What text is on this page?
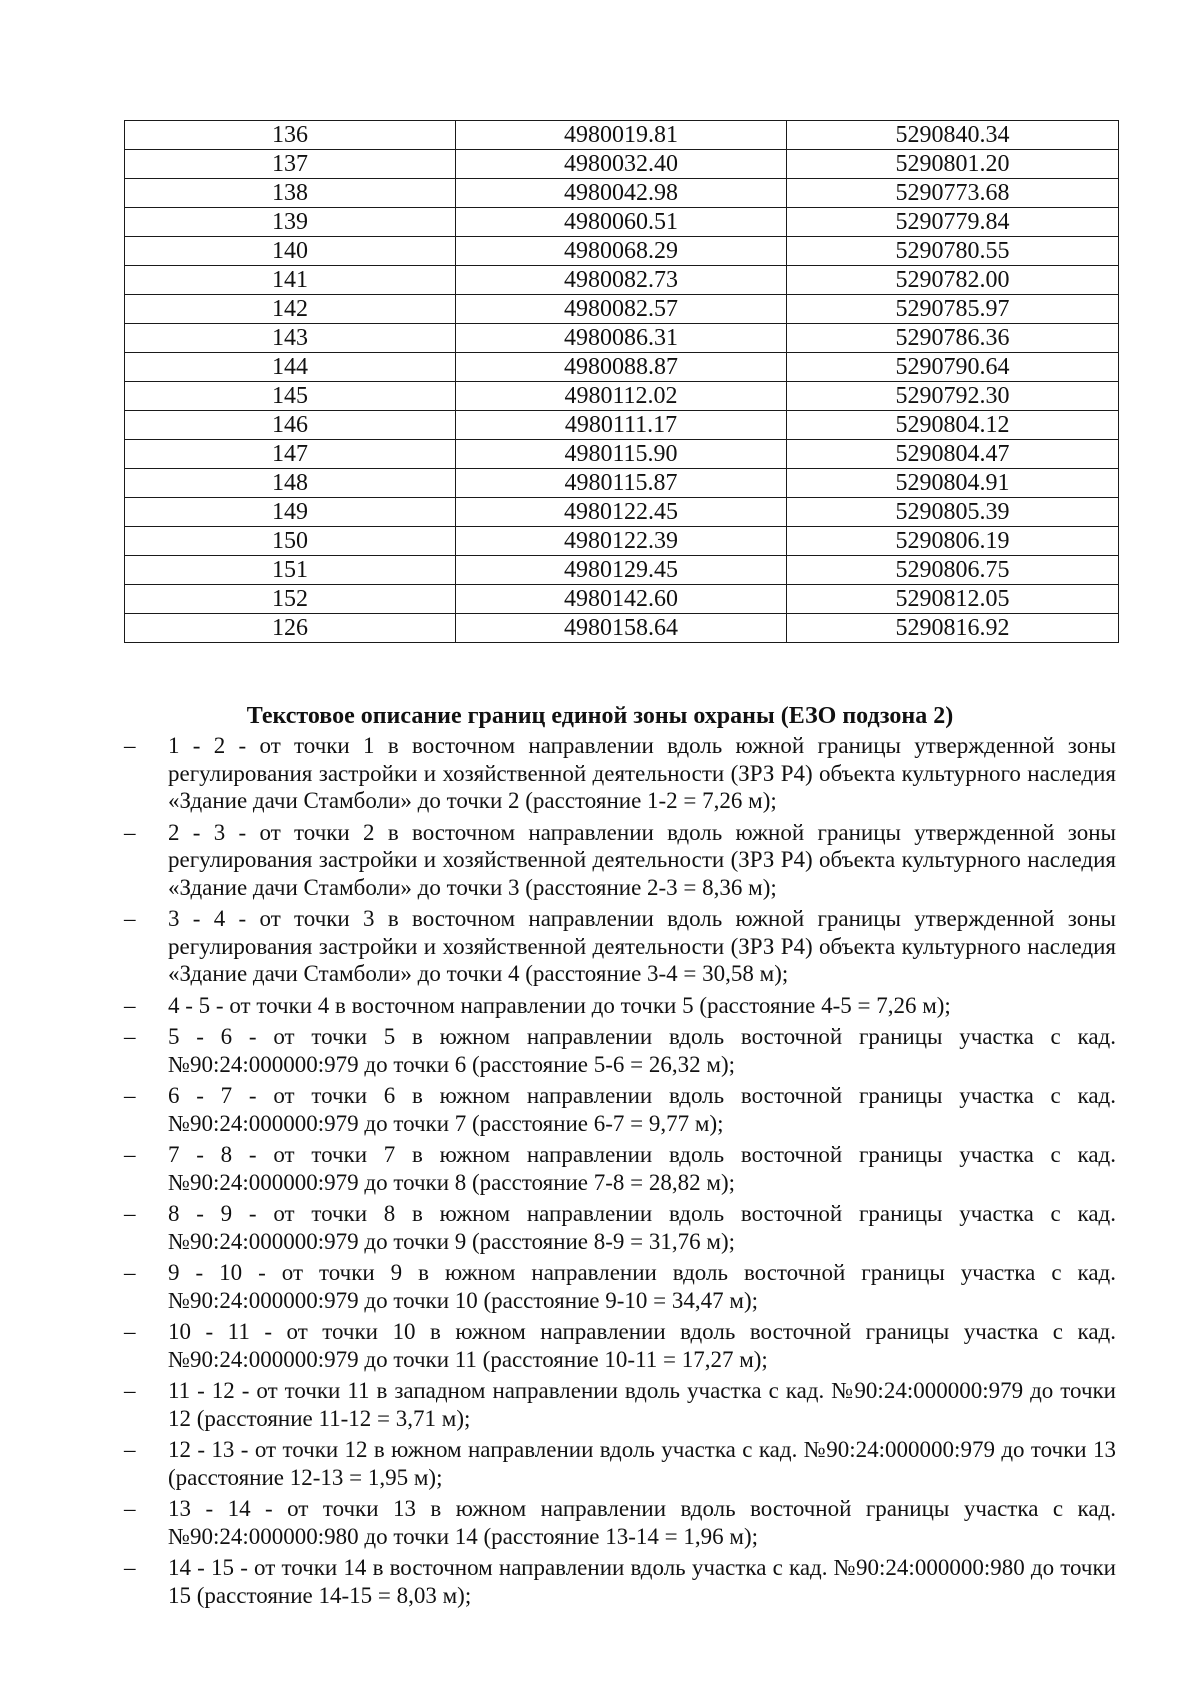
136	4980019.81	5290840.34
137	4980032.40	5290801.20
138	4980042.98	5290773.68
139	4980060.51	5290779.84
140	4980068.29	5290780.55
141	4980082.73	5290782.00
142	4980082.57	5290785.97
143	4980086.31	5290786.36
144	4980088.87	5290790.64
145	4980112.02	5290792.30
146	4980111.17	5290804.12
147	4980115.90	5290804.47
148	4980115.87	5290804.91
149	4980122.45	5290805.39
150	4980122.39	5290806.19
151	4980129.45	5290806.75
152	4980142.60	5290812.05
126	4980158.64	5290816.92
Текстовое описание границ единой зоны охраны (ЕЗО подзона 2)
–	1 - 2 - от точки 1 в восточном направлении вдоль южной границы утвержденной зоны регулирования застройки и хозяйственной деятельности (ЗРЗ Р4) объекта культурного наследия «Здание дачи Стамболи» до точки 2 (расстояние 1-2 = 7,26 м);
–	2 - 3 - от точки 2 в восточном направлении вдоль южной границы утвержденной зоны регулирования застройки и хозяйственной деятельности (ЗРЗ Р4) объекта культурного наследия «Здание дачи Стамболи» до точки 3 (расстояние 2-3 = 8,36 м);
–	3 - 4 - от точки 3 в восточном направлении вдоль южной границы утвержденной зоны регулирования застройки и хозяйственной деятельности (ЗРЗ Р4) объекта культурного наследия «Здание дачи Стамболи» до точки 4 (расстояние 3-4 = 30,58 м);
–	4 - 5 - от точки 4 в восточном направлении до точки 5 (расстояние 4-5 = 7,26 м);
–	5 - 6 - от точки 5 в южном направлении вдоль восточной границы участка с кад. №90:24:000000:979 до точки 6 (расстояние 5-6 = 26,32 м);
–	6 - 7 - от точки 6 в южном направлении вдоль восточной границы участка с кад. №90:24:000000:979 до точки 7 (расстояние 6-7 = 9,77 м);
–	7 - 8 - от точки 7 в южном направлении вдоль восточной границы участка с кад. №90:24:000000:979 до точки 8 (расстояние 7-8 = 28,82 м);
–	8 - 9 - от точки 8 в южном направлении вдоль восточной границы участка с кад. №90:24:000000:979 до точки 9 (расстояние 8-9 = 31,76 м);
–	9 - 10 - от точки 9 в южном направлении вдоль восточной границы участка с кад. №90:24:000000:979 до точки 10 (расстояние 9-10 = 34,47 м);
–	10 - 11 - от точки 10 в южном направлении вдоль восточной границы участка с кад. №90:24:000000:979 до точки 11 (расстояние 10-11 = 17,27 м);
–	11 - 12 - от точки 11 в западном направлении вдоль участка с кад. №90:24:000000:979 до точки 12 (расстояние 11-12 = 3,71 м);
–	12 - 13 - от точки 12 в южном направлении вдоль участка с кад. №90:24:000000:979 до точки 13 (расстояние 12-13 = 1,95 м);
–	13 - 14 - от точки 13 в южном направлении вдоль восточной границы участка с кад. №90:24:000000:980 до точки 14 (расстояние 13-14 = 1,96 м);
–	14 - 15 - от точки 14 в восточном направлении вдоль участка с кад. №90:24:000000:980 до точки 15 (расстояние 14-15 = 8,03 м);
